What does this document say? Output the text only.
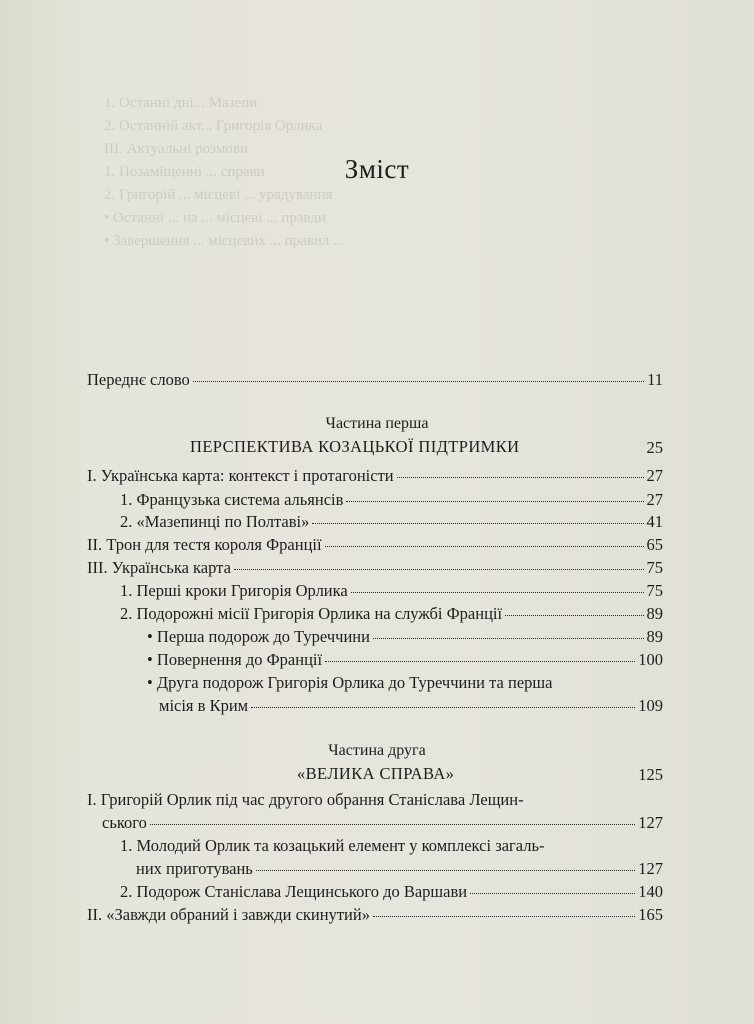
1. Останні дні... Мазепи
2. Останній акт... Григорія Орлика
III. Актуальні розмови
1. Позаміщенні ... справи
2. Григорій ... місцеві ... урядування
• Останні ... на ... місцеві ... правди
• Завершення ... місцевих ... правил ...
Зміст
Переднє слово	11
Частина перша
ПЕРСПЕКТИВА КОЗАЦЬКОЇ ПІДТРИМКИ	25
I. Українська карта: контекст і протагоністи	27
1. Французька система альянсів	27
2. «Мазепинці по Полтаві»	41
II. Трон для тестя короля Франції	65
III. Українська карта	75
1. Перші кроки Григорія Орлика	75
2. Подорожні місії Григорія Орлика на службі Франції	89
• Перша подорож до Туреччини	89
• Повернення до Франції	100
• Друга подорож Григорія Орлика до Туреччини та перша
місія в Крим	109
Частина друга
«ВЕЛИКА СПРАВА»	125
I. Григорій Орлик під час другого обрання Станіслава Лещин-
ського	127
1. Молодий Орлик та козацький елемент у комплексі загаль-
них приготувань	127
2. Подорож Станіслава Лещинського до Варшави	140
II. «Завжди обраний і завжди скинутий»	165
